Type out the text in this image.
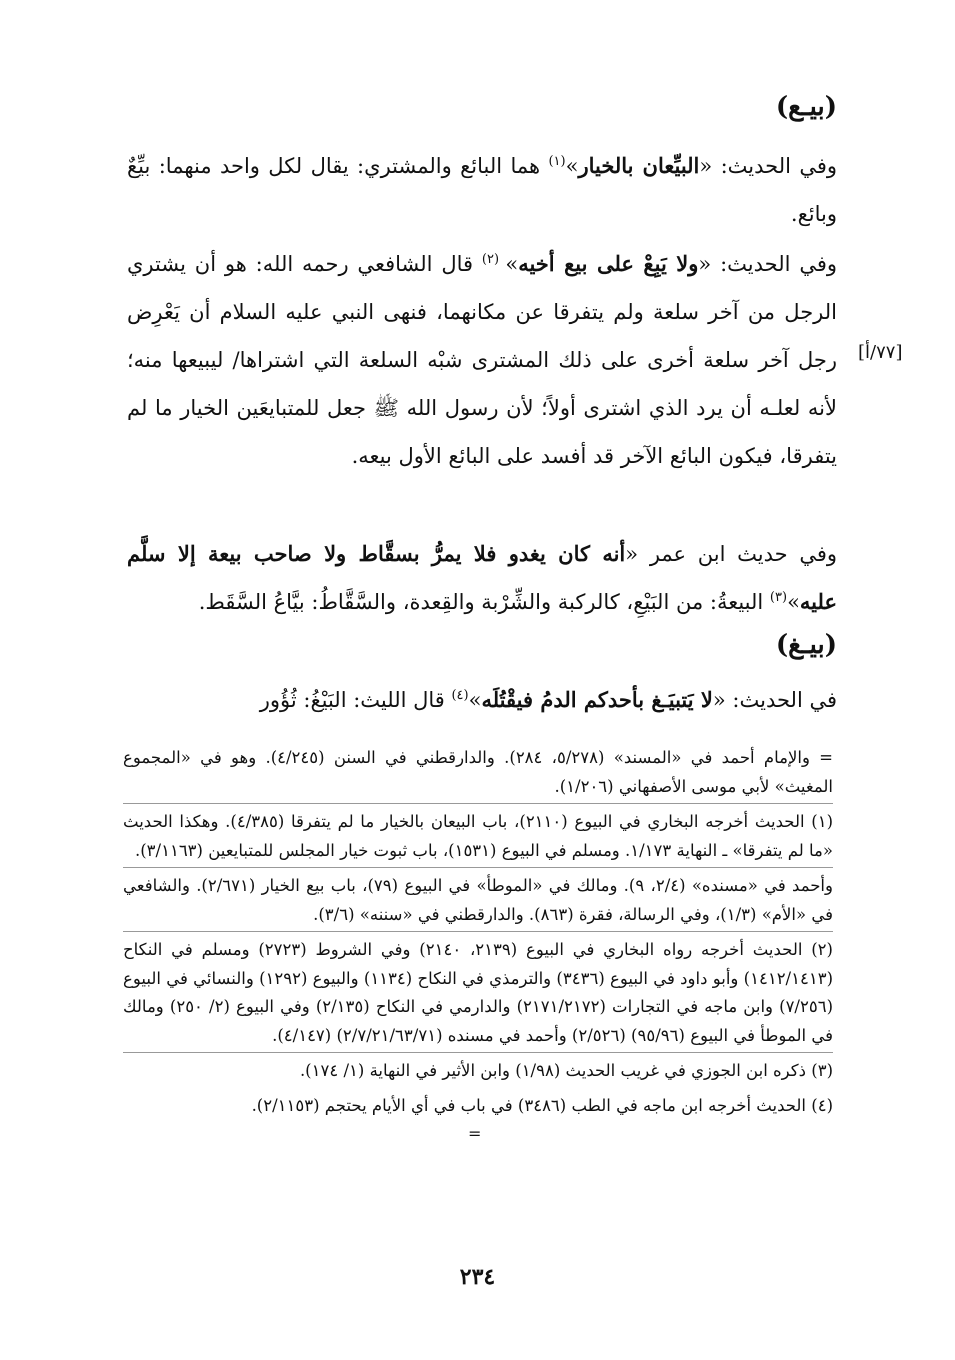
(بيـع)
وفي الحديث: «البيِّعان بالخيار»$^{(١)}$ هما البائع والمشتري: يقال لكل واحد منهما: بيِّعٌ وبائع.
وفي الحديث: «ولا يَبِعْ على بيع أخيه» $^{(٢)}$ قال الشافعي رحمه الله: هو أن يشتري الرجل من آخر سلعة ولم يتفرقا عن مكانهما، فنهى النبي عليه السلام أن يَعْرِض رجل آخر سلعة أخرى على ذلك المشترى شبْه السلعة التي اشتراها/ ليبيعها منه؛ لأنه لعلـه أن يرد الذي اشترى أولاً؛ لأن رسول الله ﷺ جعل للمتبايعَين الخيار ما لم يتفرقا، فيكون البائع الآخر قد أفسد على البائع الأول بيعه.
[٧٧/أ]
وفي حديث ابن عمر «أنه كان يغدو فلا يمرُّ بسقَّاط ولا صاحب بيعة إلا سلَّم عليه»$^{(٣)}$ البيعةُ: من البَيْعِ، كالركبة والشِّرْبة والقِعدة، والسَّقَّاطُ: بيَّاعُ السَّقَط.
(بيـغ)
في الحديث: «لا يَتبيَـغ بأحدكم الدمُ فيقْتُلَه»$^{(٤)}$ قال الليث: البَيْغُ: ثُؤُور
= والإمام أحمد في «المسند» (٥/٢٧٨، ٢٨٤). والدارقطني في السنن (٤/٢٤٥). وهو في «المجموع المغيث» لأبي موسى الأصفهاني (١/٢٠٦).
(١) الحديث أخرجه البخاري في البيوع (٢١١٠)، باب البيعان بالخيار ما لم يتفرقا (٤/٣٨٥). وهكذا الحديث «ما لم يتفرقا» ـ النهاية ١/١٧٣. ومسلم في البيوع (١٥٣١)، باب ثبوت خيار المجلس للمتبايعين (٣/١١٦٣).
وأحمد في «مسنده» (٢/٤، ٩). ومالك في «الموطأ» في البيوع (٧٩)، باب بيع الخيار (٢/٦٧١). والشافعي في «الأم» (١/٣)، وفي الرسالة، فقرة (٨٦٣). والدارقطني في «سننه» (٣/٦).
(٢) الحديث أخرجه رواه البخاري في البيوع (٢١٣٩، ٢١٤٠) وفي الشروط (٢٧٢٣) ومسلم في النكاح (١٤١٢/١٤١٣) وأبو داود في البيوع (٣٤٣٦) والترمذي في النكاح (١١٣٤) والبيوع (١٢٩٢) والنسائي في البيوع (٧/٢٥٦) وابن ماجه في التجارات (٢١٧١/٢١٧٢) والدارمي في النكاح (٢/١٣٥) وفي البيوع (٢/ ٢٥٠) ومالك في الموطأ في البيوع (٩٥/٩٦) (٢/٥٢٦) وأحمد في مسنده (٢/٧/٢١/٦٣/٧١) (٤/١٤٧).
(٣) ذكره ابن الجوزي في غريب الحديث (١/٩٨) وابن الأثير في النهاية (١/ ١٧٤).
(٤) الحديث أخرجه ابن ماجه في الطب (٣٤٨٦) في باب في أي الأيام يحتجم (٢/١١٥٣).
=
٢٣٤
